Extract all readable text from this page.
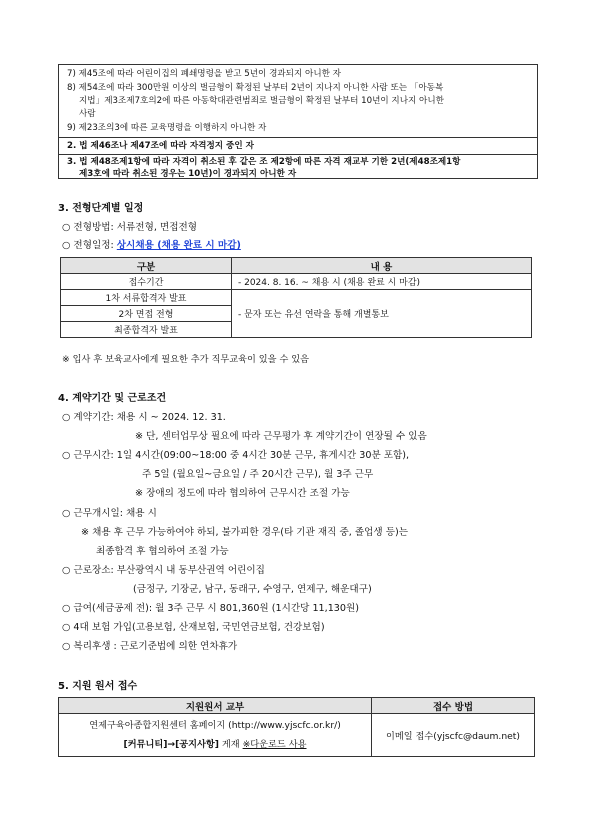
7) 제45조에 따라 어린이집의 폐쇄명령을 받고 5년이 경과되지 아니한 자
8) 제54조에 따라 300만원 이상의 벌금형이 확정된 날부터 2년이 지나지 아니한 사람 또는 「아동복
지법」제3조제7호의2에 따른 아동학대관련범죄로 벌금형이 확정된 날부터 10년이 지나지 아니한
사람
9) 제23조의3에 따른 교육명령을 이행하지 아니한 자
2. 법 제46조나 제47조에 따라 자격정지 중인 자
3. 법 제48조제1항에 따라 자격이 취소된 후 같은 조 제2항에 따른 자격 재교부 기한 2년(제48조제1항
제3호에 따라 취소된 경우는 10년)이 경과되지 아니한 자
3. 전형단계별 일정
○ 전형방법: 서류전형, 면접전형
○ 전형일정: 상시채용 (채용 완료 시 마감)
구분	내 용
접수기간	- 2024. 8. 16. ~ 채용 시 (채용 완료 시 마감)
1차 서류합격자 발표	- 문자 또는 유선 연락을 통해 개별통보
2차 면접 전형	
최종합격자 발표	
※ 입사 후 보육교사에게 필요한 추가 직무교육이 있을 수 있음
4. 계약기간 및 근로조건
○ 계약기간: 채용 시 ~ 2024. 12. 31.
※ 단, 센터업무상 필요에 따라 근무평가 후 계약기간이 연장될 수 있음
○ 근무시간: 1일 4시간(09:00~18:00 중 4시간 30분 근무, 휴게시간 30분 포함),
주 5일 (월요일~금요일 / 주 20시간 근무), 월 3주 근무
※ 장애의 정도에 따라 협의하여 근무시간 조절 가능
○ 근무개시일: 채용 시
※ 채용 후 근무 가능하여야 하되, 불가피한 경우(타 기관 재직 중, 졸업생 등)는
최종합격 후 협의하여 조절 가능
○ 근로장소: 부산광역시 내 동부산권역 어린이집
(금정구, 기장군, 남구, 동래구, 수영구, 연제구, 해운대구)
○ 급여(세금공제 전): 월 3주 근무 시 801,360원 (1시간당 11,130원)
○ 4대 보험 가입(고용보험, 산재보험, 국민연금보험, 건강보험)
○ 복리후생 : 근로기준법에 의한 연차휴가
5. 지원 원서 접수
지원원서 교부	접수 방법

연제구육아종합지원센터 홈페이지 (http://www.yjscfc.or.kr/)
[커뮤니티]→[공지사항] 게재 ※다운로드 사용	이메일 접수(yjscfc@daum.net)
